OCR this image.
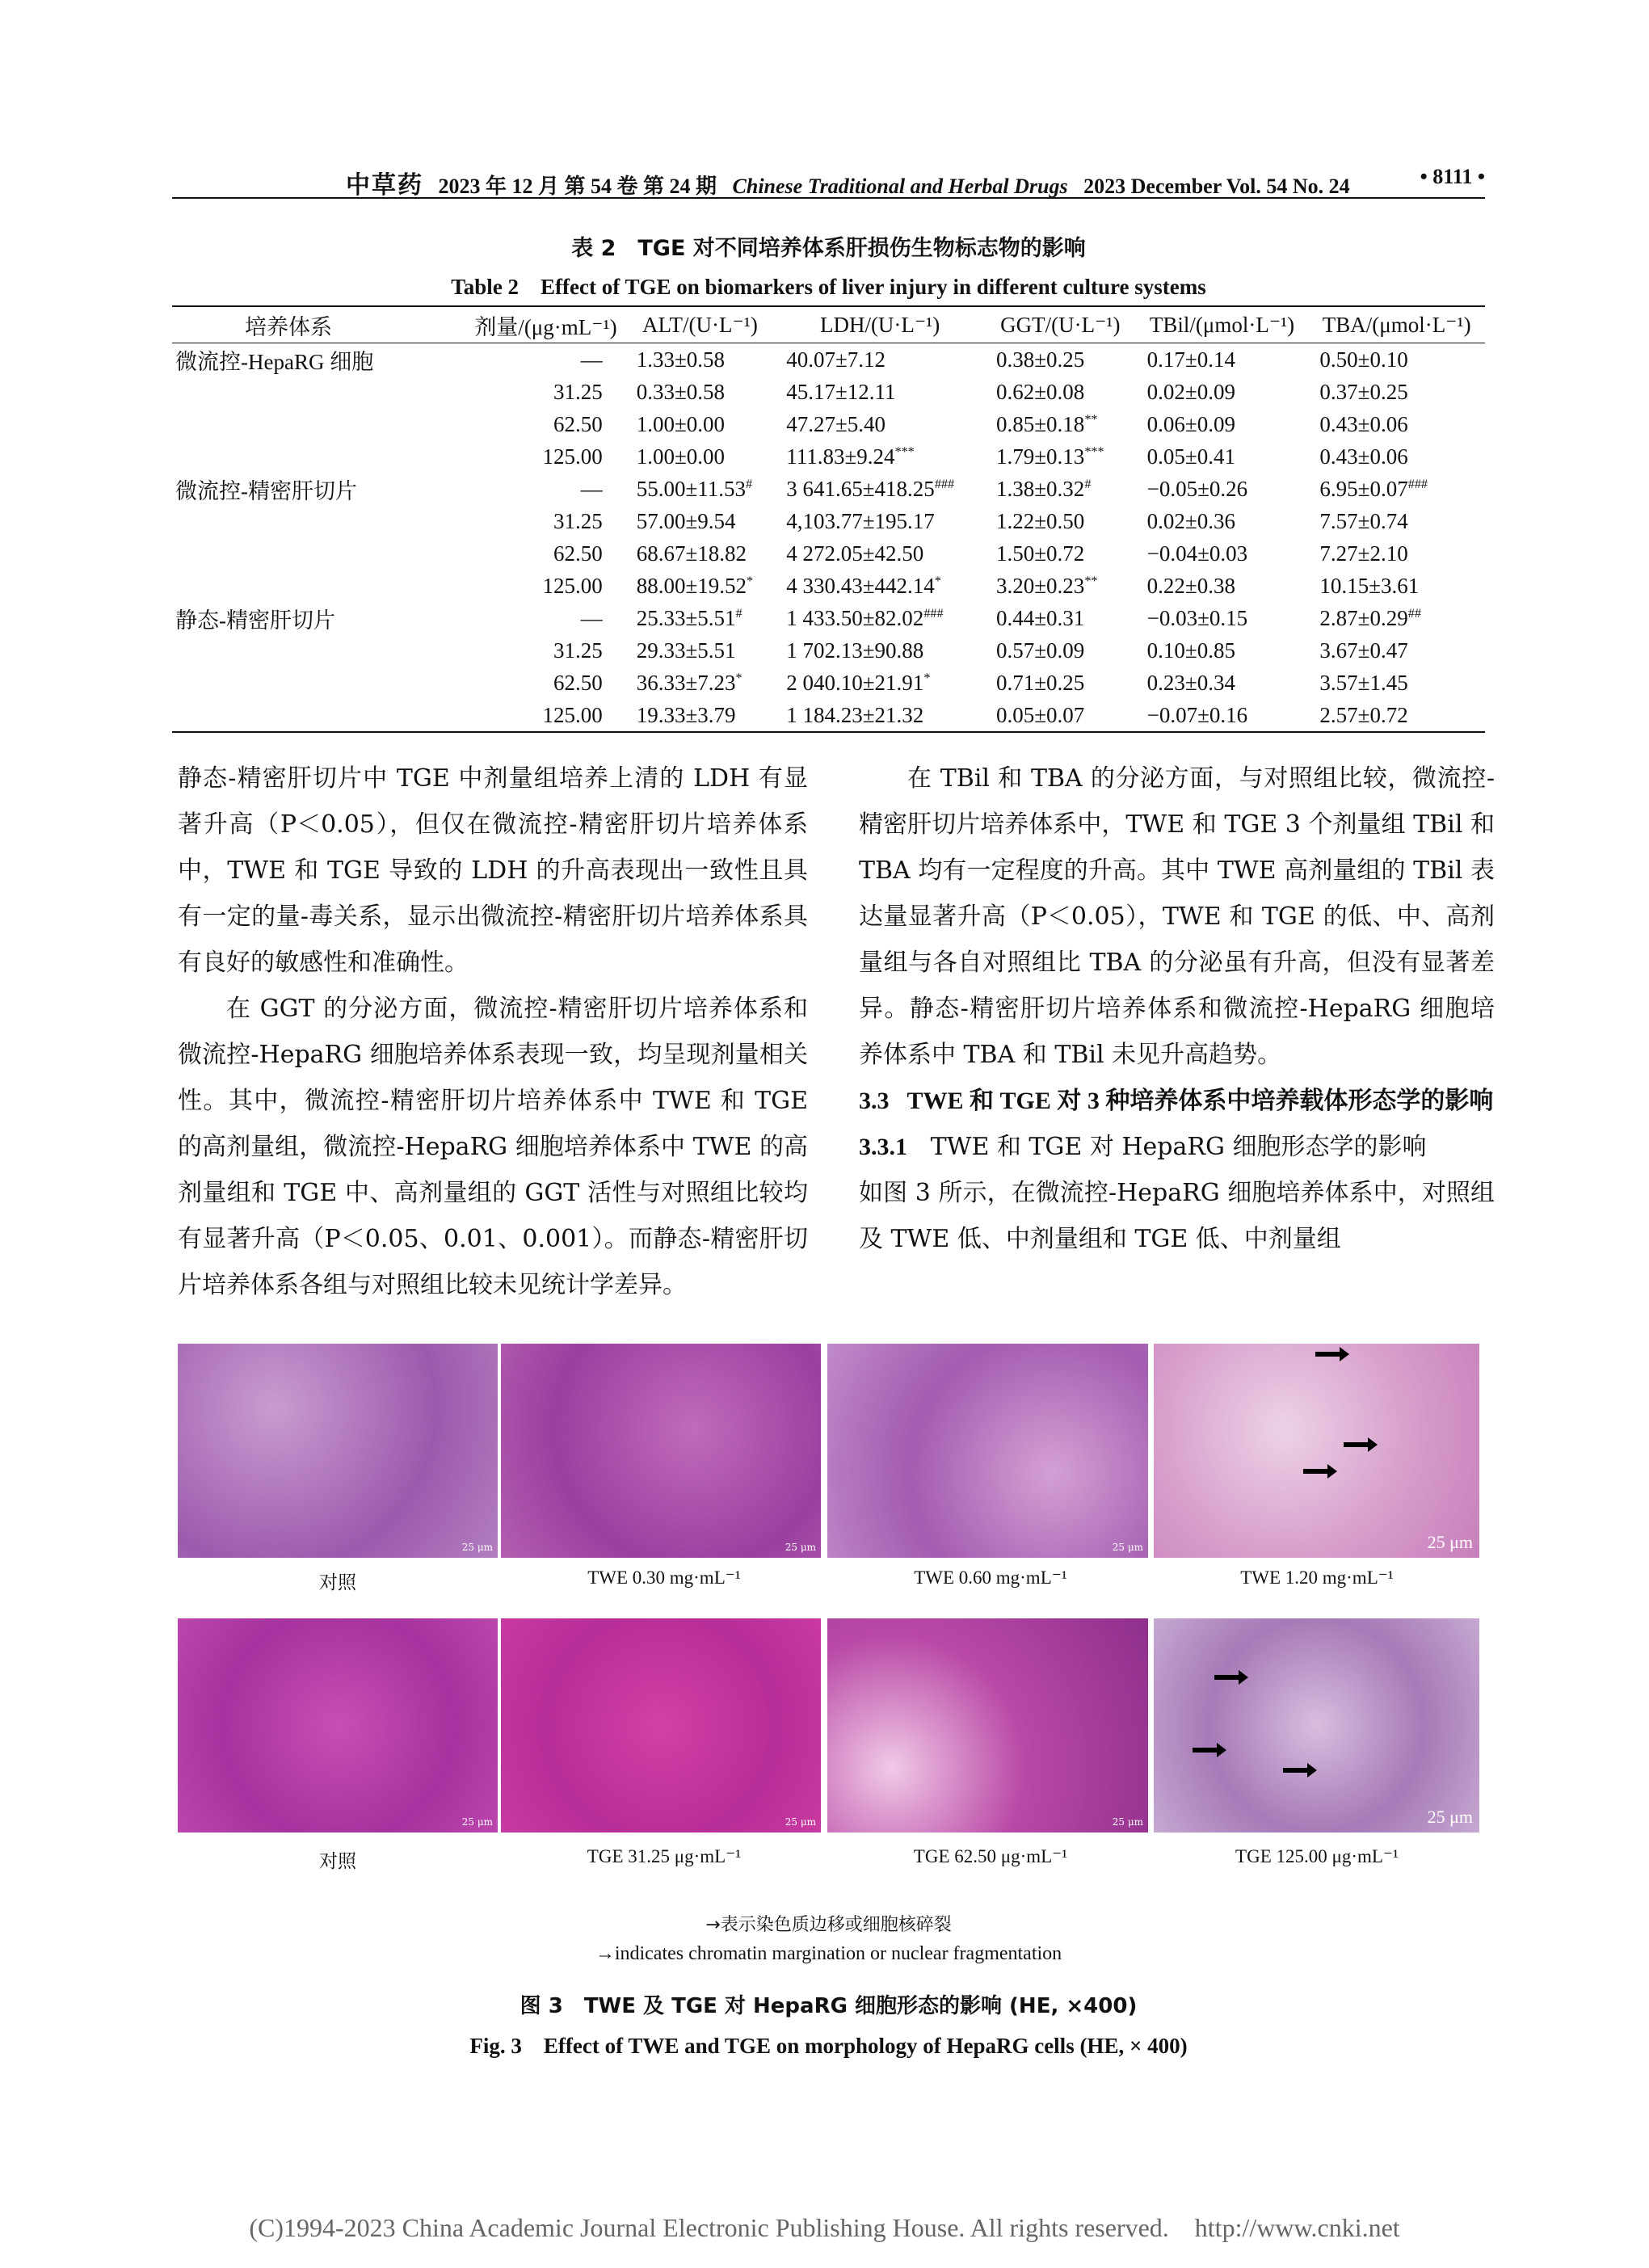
中草药 2023 年 12 月 第 54 卷 第 24 期 Chinese Traditional and Herbal Drugs 2023 December Vol. 54 No. 24	• 8111 •
表 2　TGE 对不同培养体系肝损伤生物标志物的影响
Table 2　Effect of TGE on biomarkers of liver injury in different culture systems
培养体系	剂量/(μg·mL⁻¹)	ALT/(U·L⁻¹)	LDH/(U·L⁻¹)	GGT/(U·L⁻¹)	TBil/(μmol·L⁻¹)	TBA/(μmol·L⁻¹)
微流控-HepaRG 细胞	—	1.33±0.58	40.07±7.12	0.38±0.25	0.17±0.14	0.50±0.10
	31.25	0.33±0.58	45.17±12.11	0.62±0.08	0.02±0.09	0.37±0.25
	62.50	1.00±0.00	47.27±5.40	0.85±0.18**	0.06±0.09	0.43±0.06
	125.00	1.00±0.00	111.83±9.24***	1.79±0.13***	0.05±0.41	0.43±0.06
微流控-精密肝切片	—	55.00±11.53#	3 641.65±418.25###	1.38±0.32#	−0.05±0.26	6.95±0.07###
	31.25	57.00±9.54	4,103.77±195.17	1.22±0.50	0.02±0.36	7.57±0.74
	62.50	68.67±18.82	4 272.05±42.50	1.50±0.72	−0.04±0.03	7.27±2.10
	125.00	88.00±19.52*	4 330.43±442.14*	3.20±0.23**	0.22±0.38	10.15±3.61
静态-精密肝切片	—	25.33±5.51#	1 433.50±82.02###	0.44±0.31	−0.03±0.15	2.87±0.29##
	31.25	29.33±5.51	1 702.13±90.88	0.57±0.09	0.10±0.85	3.67±0.47
	62.50	36.33±7.23*	2 040.10±21.91*	0.71±0.25	0.23±0.34	3.57±1.45
	125.00	19.33±3.79	1 184.23±21.32	0.05±0.07	−0.07±0.16	2.57±0.72

静态-精密肝切片中 TGE 中剂量组培养上清的 LDH 有显著升高（P＜0.05），但仅在微流控-精密肝切片培养体系中，TWE 和 TGE 导致的 LDH 的升高表现出一致性且具有一定的量-毒关系，显示出微流控-精密肝切片培养体系具有良好的敏感性和准确性。

在 GGT 的分泌方面，微流控-精密肝切片培养体系和微流控-HepaRG 细胞培养体系表现一致，均呈现剂量相关性。其中，微流控-精密肝切片培养体系中 TWE 和 TGE 的高剂量组，微流控-HepaRG 细胞培养体系中 TWE 的高剂量组和 TGE 中、高剂量组的 GGT 活性与对照组比较均有显著升高（P＜0.05、0.01、0.001）。而静态-精密肝切片培养体系各组与对照组比较未见统计学差异。

在 TBil 和 TBA 的分泌方面，与对照组比较，微流控-精密肝切片培养体系中，TWE 和 TGE 3 个剂量组 TBil 和 TBA 均有一定程度的升高。其中 TWE 高剂量组的 TBil 表达量显著升高（P＜0.05），TWE 和 TGE 的低、中、高剂量组与各自对照组比 TBA 的分泌虽有升高，但没有显著差异。静态-精密肝切片培养体系和微流控-HepaRG 细胞培养体系中 TBA 和 TBil 未见升高趋势。

3.3 TWE 和 TGE 对 3 种培养体系中培养载体形态学的影响

3.3.1 TWE 和 TGE 对 HepaRG 细胞形态学的影响

如图 3 所示，在微流控-HepaRG 细胞培养体系中，对照组及 TWE 低、中剂量组和 TGE 低、中剂量组

25 μm	25 μm	25 μm	25 μm
对照	TWE 0.30 mg·mL⁻¹	TWE 0.60 mg·mL⁻¹	TWE 1.20 mg·mL⁻¹
25 μm	25 μm	25 μm	25 μm
对照	TGE 31.25 μg·mL⁻¹	TGE 62.50 μg·mL⁻¹	TGE 125.00 μg·mL⁻¹
→表示染色质边移或细胞核碎裂
→indicates chromatin margination or nuclear fragmentation
图 3　TWE 及 TGE 对 HepaRG 细胞形态的影响 (HE, ×400)
Fig. 3　Effect of TWE and TGE on morphology of HepaRG cells (HE, × 400)
(C)1994-2023 China Academic Journal Electronic Publishing House. All rights reserved.　http://www.cnki.net
